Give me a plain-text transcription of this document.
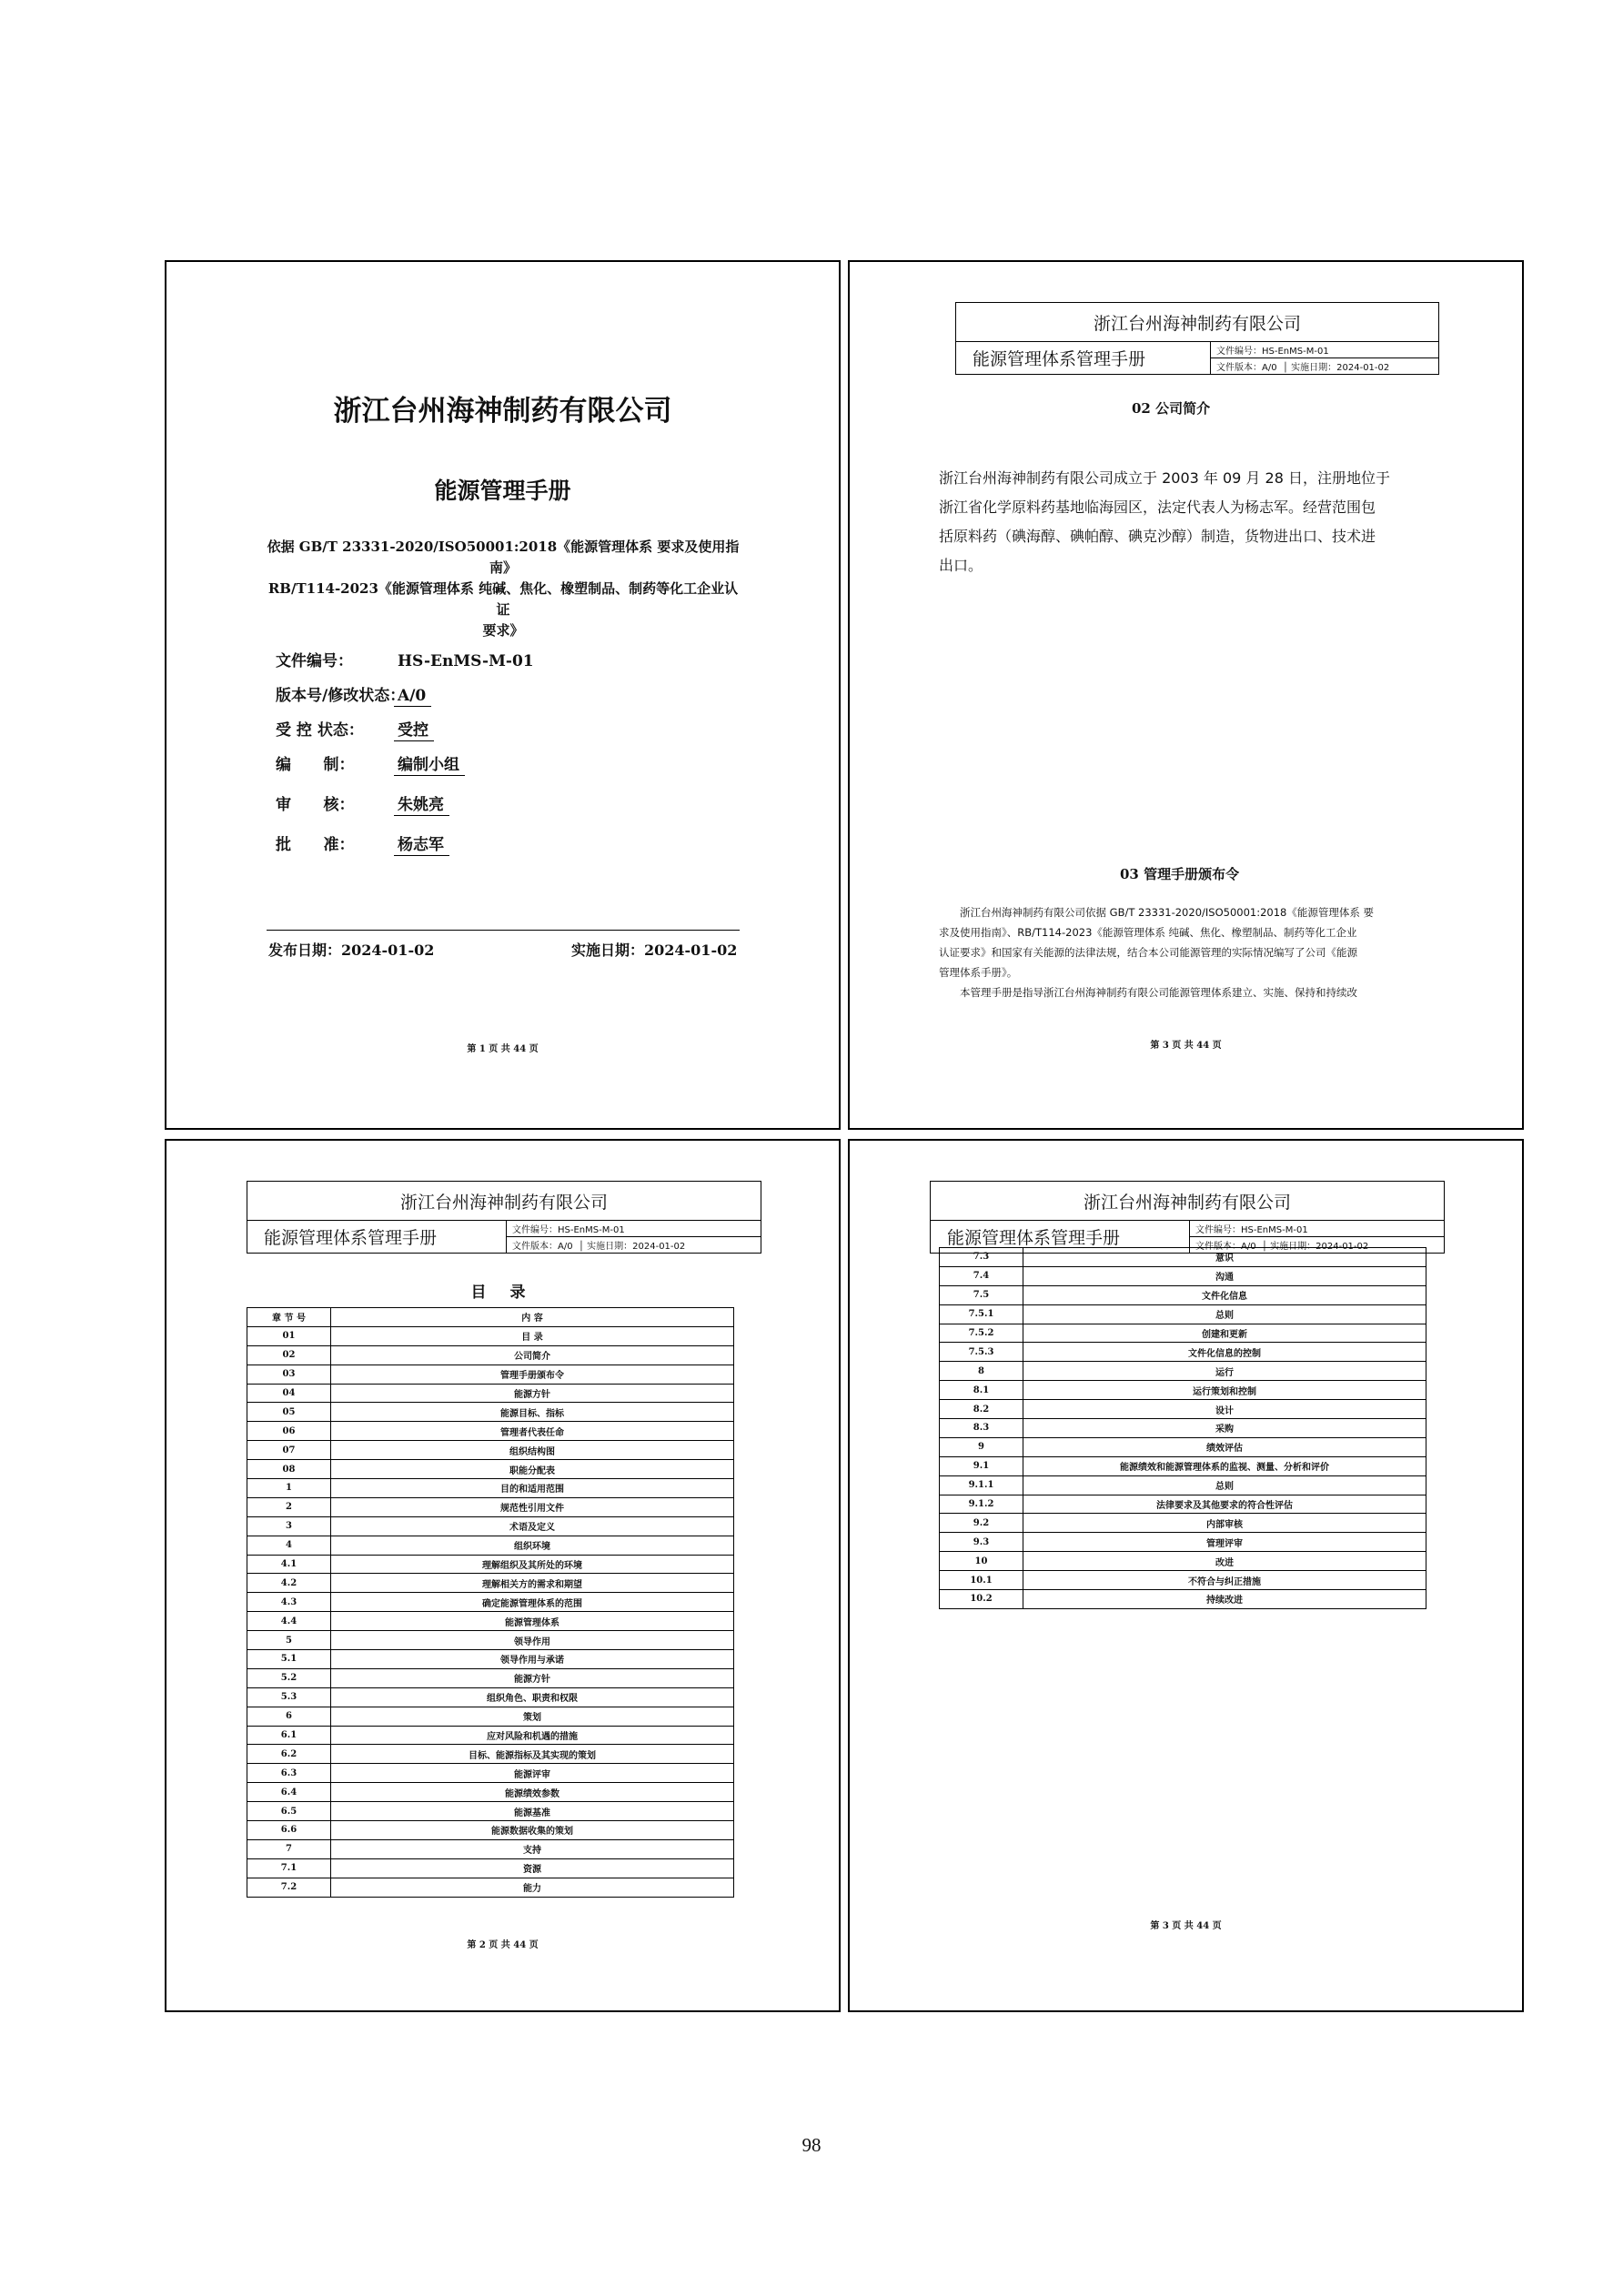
浙江台州海神制药有限公司
能源管理手册
依据 GB/T 23331-2020/ISO50001:2018《能源管理体系 要求及使用指南》
RB/T114-2023《能源管理体系 纯碱、焦化、橡塑制品、制药等化工企业认证
要求》
文件编号：	HS-EnMS-M-01
版本号/修改状态：
A/0
受 控 状态：	受控
编      制：	编制小组
审      核：	朱姚亮
批      准：	杨志军
发布日期：2024-01-02	实施日期：2024-01-02
第 1 页 共 44 页
浙江台州海神制药有限公司
能源管理体系管理手册	文件编号：HS-EnMS-M-01
文件版本：A/0  │ 实施日期：2024-01-02
02 公司简介
浙江台州海神制药有限公司成立于 2003 年 09 月 28 日，注册地位于
浙江省化学原料药基地临海园区，法定代表人为杨志军。经营范围包
括原料药（碘海醇、碘帕醇、碘克沙醇）制造，货物进出口、技术进
出口。
03 管理手册颁布令
浙江台州海神制药有限公司依据 GB/T 23331-2020/ISO50001:2018《能源管理体系 要
求及使用指南》、RB/T114-2023《能源管理体系 纯碱、焦化、橡塑制品、制药等化工企业
认证要求》和国家有关能源的法律法规，结合本公司能源管理的实际情况编写了公司《能源
管理体系手册》。
本管理手册是指导浙江台州海神制药有限公司能源管理体系建立、实施、保持和持续改
第 3 页 共 44 页
浙江台州海神制药有限公司
能源管理体系管理手册	文件编号：HS-EnMS-M-01
文件版本：A/0  │ 实施日期：2024-01-02
目 录
章 节 号	内 容
01	目 录
02	公司简介
03	管理手册颁布令
04	能源方针
05	能源目标、指标
06	管理者代表任命
07	组织结构图
08	职能分配表
1	目的和适用范围
2	规范性引用文件
3	术语及定义
4	组织环境
4.1	理解组织及其所处的环境
4.2	理解相关方的需求和期望
4.3	确定能源管理体系的范围
4.4	能源管理体系
5	领导作用
5.1	领导作用与承诺
5.2	能源方针
5.3	组织角色、职责和权限
6	策划
6.1	应对风险和机遇的措施
6.2	目标、能源指标及其实现的策划
6.3	能源评审
6.4	能源绩效参数
6.5	能源基准
6.6	能源数据收集的策划
7	支持
7.1	资源
7.2	能力
第 2 页 共 44 页
浙江台州海神制药有限公司
能源管理体系管理手册	文件编号：HS-EnMS-M-01
文件版本：A/0  │ 实施日期：2024-01-02
7.3	意识
7.4	沟通
7.5	文件化信息
7.5.1	总则
7.5.2	创建和更新
7.5.3	文件化信息的控制
8	运行
8.1	运行策划和控制
8.2	设计
8.3	采购
9	绩效评估
9.1	能源绩效和能源管理体系的监视、测量、分析和评价
9.1.1	总则
9.1.2	法律要求及其他要求的符合性评估
9.2	内部审核
9.3	管理评审
10	改进
10.1	不符合与纠正措施
10.2	持续改进
第 3 页 共 44 页
98
